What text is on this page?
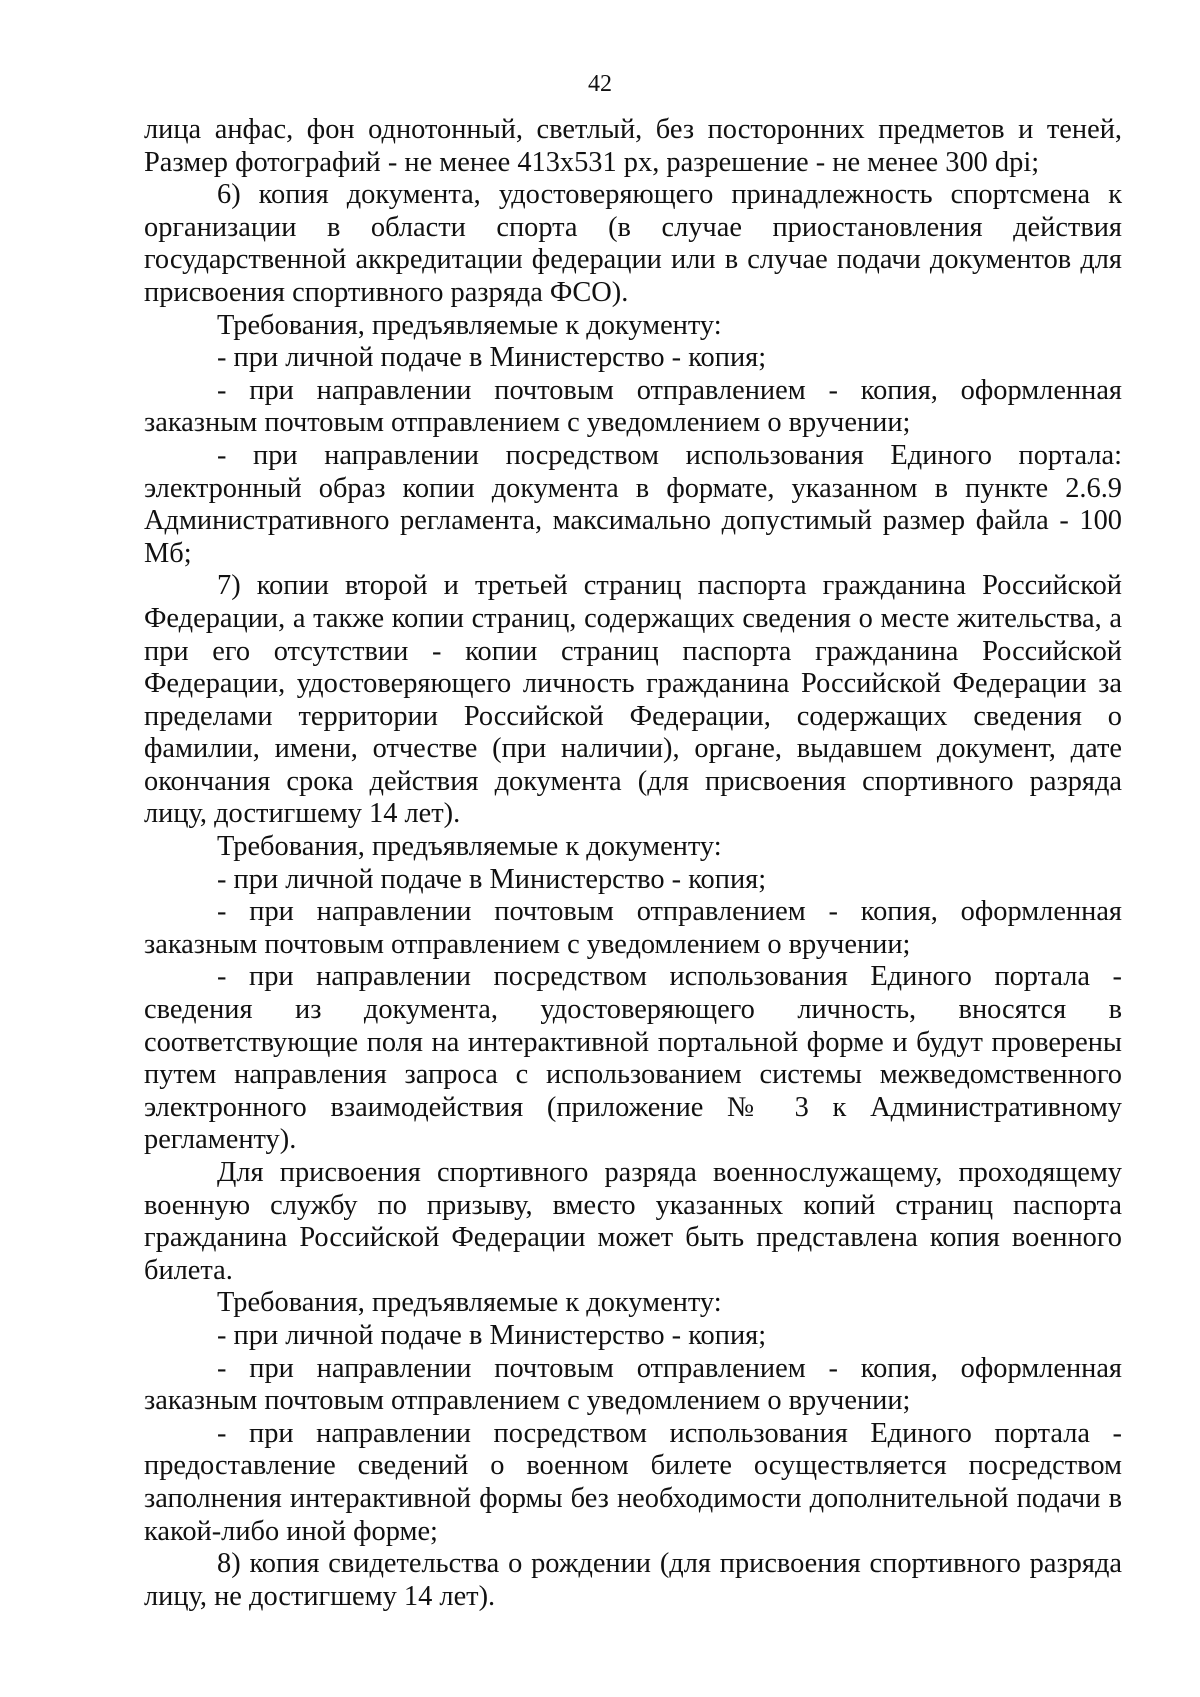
42

лица анфас, фон однотонный, светлый, без посторонних предметов и теней, Размер фотографий - не менее 413х531 px, разрешение - не менее 300 dpi;

6) копия документа, удостоверяющего принадлежность спортсмена к организации в области спорта (в случае приостановления действия государственной аккредитации федерации или в случае подачи документов для присвоения спортивного разряда ФСО).

Требования, предъявляемые к документу:

- при личной подаче в Министерство - копия;

- при направлении почтовым отправлением - копия, оформленная заказным почтовым отправлением с уведомлением о вручении;

- при направлении посредством использования Единого портала: электронный образ копии документа в формате, указанном в пункте 2.6.9 Административного регламента, максимально допустимый размер файла - 100 Мб;

7) копии второй и третьей страниц паспорта гражданина Российской Федерации, а также копии страниц, содержащих сведения о месте жительства, а при его отсутствии - копии страниц паспорта гражданина Российской Федерации, удостоверяющего личность гражданина Российской Федерации за пределами территории Российской Федерации, содержащих сведения о фамилии, имени, отчестве (при наличии), органе, выдавшем документ, дате окончания срока действия документа (для присвоения спортивного разряда лицу, достигшему 14 лет).

Требования, предъявляемые к документу:

- при личной подаче в Министерство - копия;

- при направлении почтовым отправлением - копия, оформленная заказным почтовым отправлением с уведомлением о вручении;

- при направлении посредством использования Единого портала - сведения из документа, удостоверяющего личность, вносятся в соответствующие поля на интерактивной портальной форме и будут проверены путем направления запроса с использованием системы межведомственного электронного взаимодействия (приложение № 3 к Административному регламенту).

Для присвоения спортивного разряда военнослужащему, проходящему военную службу по призыву, вместо указанных копий страниц паспорта гражданина Российской Федерации может быть представлена копия военного билета.

Требования, предъявляемые к документу:

- при личной подаче в Министерство - копия;

- при направлении почтовым отправлением - копия, оформленная заказным почтовым отправлением с уведомлением о вручении;

- при направлении посредством использования Единого портала - предоставление сведений о военном билете осуществляется посредством заполнения интерактивной формы без необходимости дополнительной подачи в какой-либо иной форме;

8) копия свидетельства о рождении (для присвоения спортивного разряда лицу, не достигшему 14 лет).
